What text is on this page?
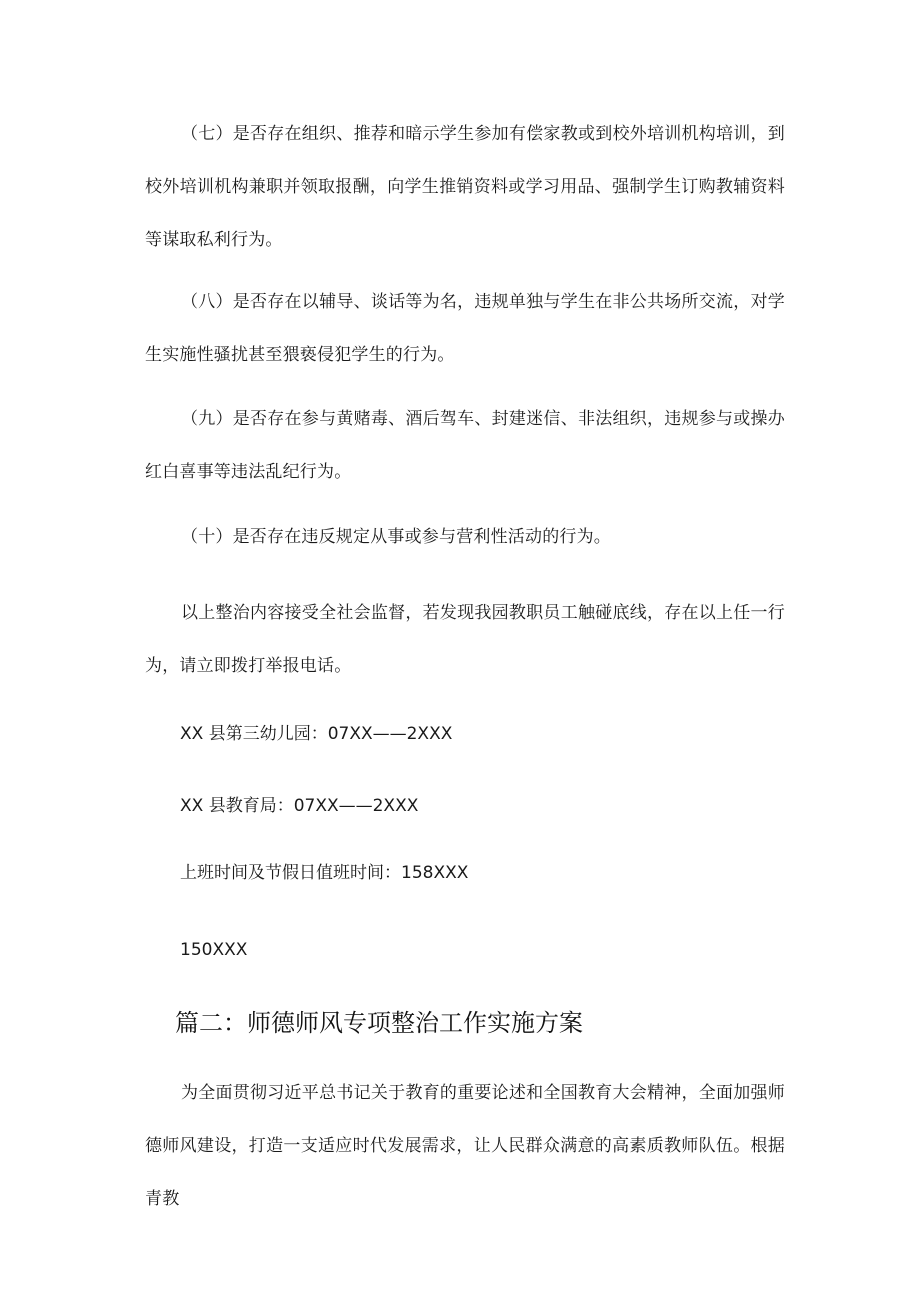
（七）是否存在组织、推荐和暗示学生参加有偿家教或到校外培训机构培训，到校外培训机构兼职并领取报酬，向学生推销资料或学习用品、强制学生订购教辅资料等谋取私利行为。

（八）是否存在以辅导、谈话等为名，违规单独与学生在非公共场所交流，对学生实施性骚扰甚至猥亵侵犯学生的行为。

（九）是否存在参与黄赌毒、酒后驾车、封建迷信、非法组织，违规参与或操办红白喜事等违法乱纪行为。

（十）是否存在违反规定从事或参与营利性活动的行为。

以上整治内容接受全社会监督，若发现我园教职员工触碰底线，存在以上任一行为，请立即拨打举报电话。

XX 县第三幼儿园：07XX——2XXX

XX 县教育局：07XX——2XXX

上班时间及节假日值班时间：158XXX

150XXX

篇二：师德师风专项整治工作实施方案

为全面贯彻习近平总书记关于教育的重要论述和全国教育大会精神，全面加强师德师风建设，打造一支适应时代发展需求，让人民群众满意的高素质教师队伍。根据青教
